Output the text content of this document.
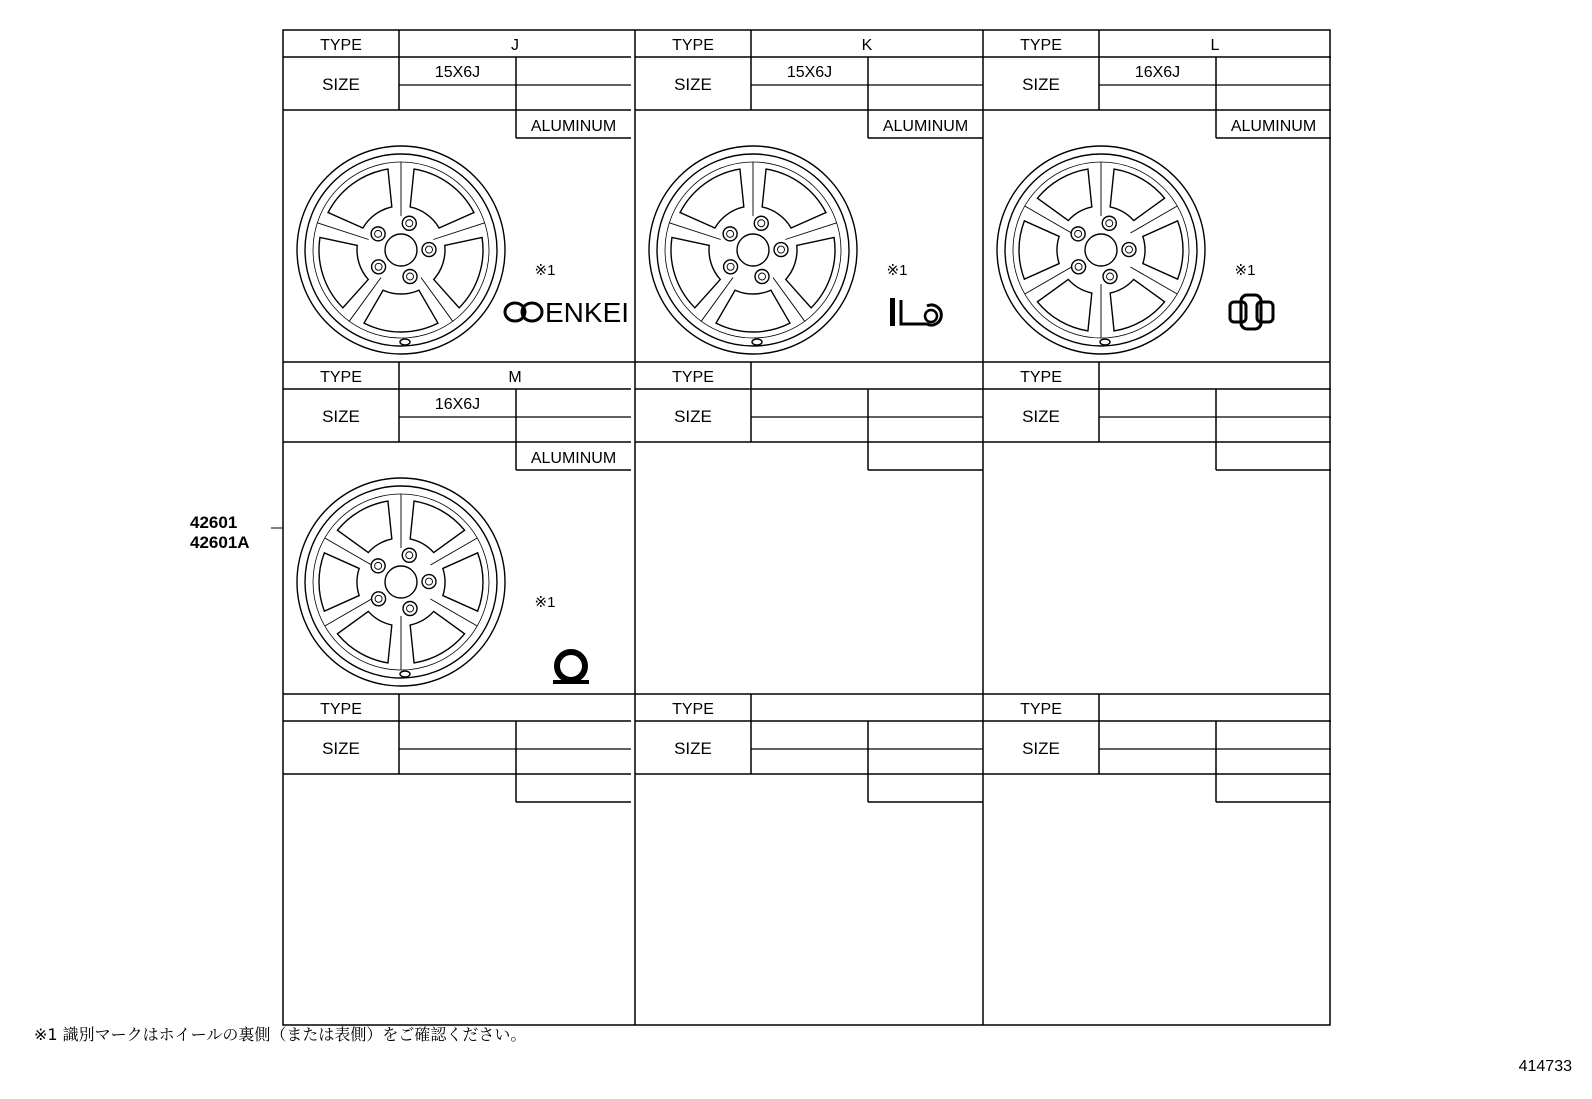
TYPE	J
SIZE
15X6J
ALUMINUM
※1
TYPE	K
SIZE
15X6J
ALUMINUM
※1
TYPE	L
SIZE
16X6J
ALUMINUM
※1
TYPE	M
SIZE
16X6J
ALUMINUM
※1
TYPE
SIZE
TYPE
SIZE
TYPE
SIZE
TYPE
SIZE
TYPE
SIZE
ENKEI
42601
42601A
※1 識別マークはホイールの裏側（または表側）をご確認ください。
414733
